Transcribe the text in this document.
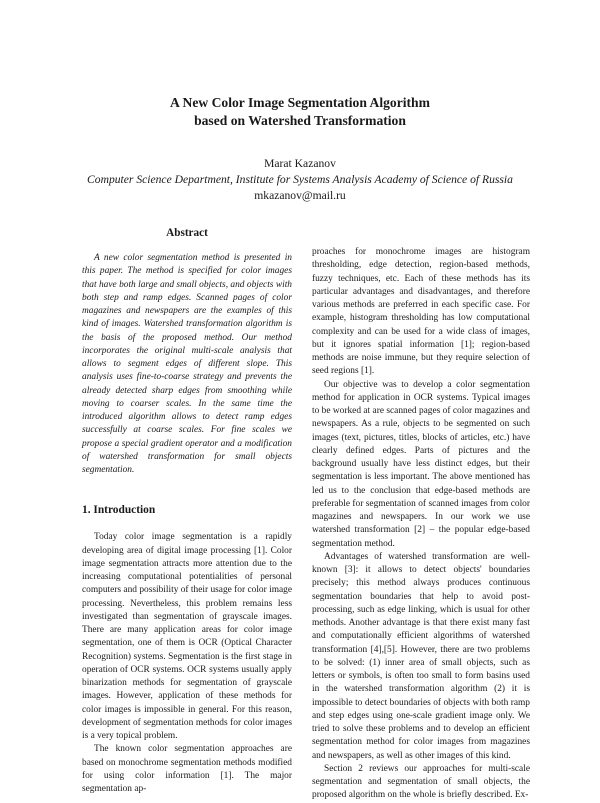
A New Color Image Segmentation Algorithm
based on Watershed Transformation
Marat Kazanov
Computer Science Department, Institute for Systems Analysis Academy of Science of Russia
mkazanov@mail.ru
Abstract

A new color segmentation method is presented in this paper. The method is specified for color images that have both large and small objects, and objects with both step and ramp edges. Scanned pages of color magazines and newspapers are the examples of this kind of images. Watershed transformation algorithm is the basis of the proposed method. Our method incorporates the original multi-scale analysis that allows to segment edges of different slope. This analysis uses fine-to-coarse strategy and prevents the already detected sharp edges from smoothing while moving to coarser scales. In the same time the introduced algorithm allows to detect ramp edges successfully at coarse scales. For fine scales we propose a special gradient operator and a modification of watershed transformation for small objects segmentation.

1. Introduction

Today color image segmentation is a rapidly developing area of digital image processing [1]. Color image segmentation attracts more attention due to the increasing computational potentialities of personal computers and possibility of their usage for color image processing. Nevertheless, this problem remains less investigated than segmentation of grayscale images. There are many application areas for color image segmentation, one of them is OCR (Optical Character Recognition) systems. Segmentation is the first stage in operation of OCR systems. OCR systems usually apply binarization methods for segmentation of grayscale images. However, application of these methods for color images is impossible in general. For this reason, development of segmentation methods for color images is a very topical problem.

The known color segmentation approaches are based on monochrome segmentation methods modified for using color information [1]. The major segmentation ap-

proaches for monochrome images are histogram thresholding, edge detection, region-based methods, fuzzy techniques, etc. Each of these methods has its particular advantages and disadvantages, and therefore various methods are preferred in each specific case. For example, histogram thresholding has low computational complexity and can be used for a wide class of images, but it ignores spatial information [1]; region-based methods are noise immune, but they require selection of seed regions [1].

Our objective was to develop a color segmentation method for application in OCR systems. Typical images to be worked at are scanned pages of color magazines and newspapers. As a rule, objects to be segmented on such images (text, pictures, titles, blocks of articles, etc.) have clearly defined edges. Parts of pictures and the background usually have less distinct edges, but their segmentation is less important. The above mentioned has led us to the conclusion that edge-based methods are preferable for segmentation of scanned images from color magazines and newspapers. In our work we use watershed transformation [2] – the popular edge-based segmentation method.

Advantages of watershed transformation are well-known [3]: it allows to detect objects' boundaries precisely; this method always produces continuous segmentation boundaries that help to avoid post-processing, such as edge linking, which is usual for other methods. Another advantage is that there exist many fast and computationally efficient algorithms of watershed transformation [4],[5]. However, there are two problems to be solved: (1) inner area of small objects, such as letters or symbols, is often too small to form basins used in the watershed transformation algorithm (2) it is impossible to detect boundaries of objects with both ramp and step edges using one-scale gradient image only. We tried to solve these problems and to develop an efficient segmentation method for color images from magazines and newspapers, as well as other images of this kind.

Section 2 reviews our approaches for multi-scale segmentation and segmentation of small objects, the proposed algorithm on the whole is briefly described. Ex-
